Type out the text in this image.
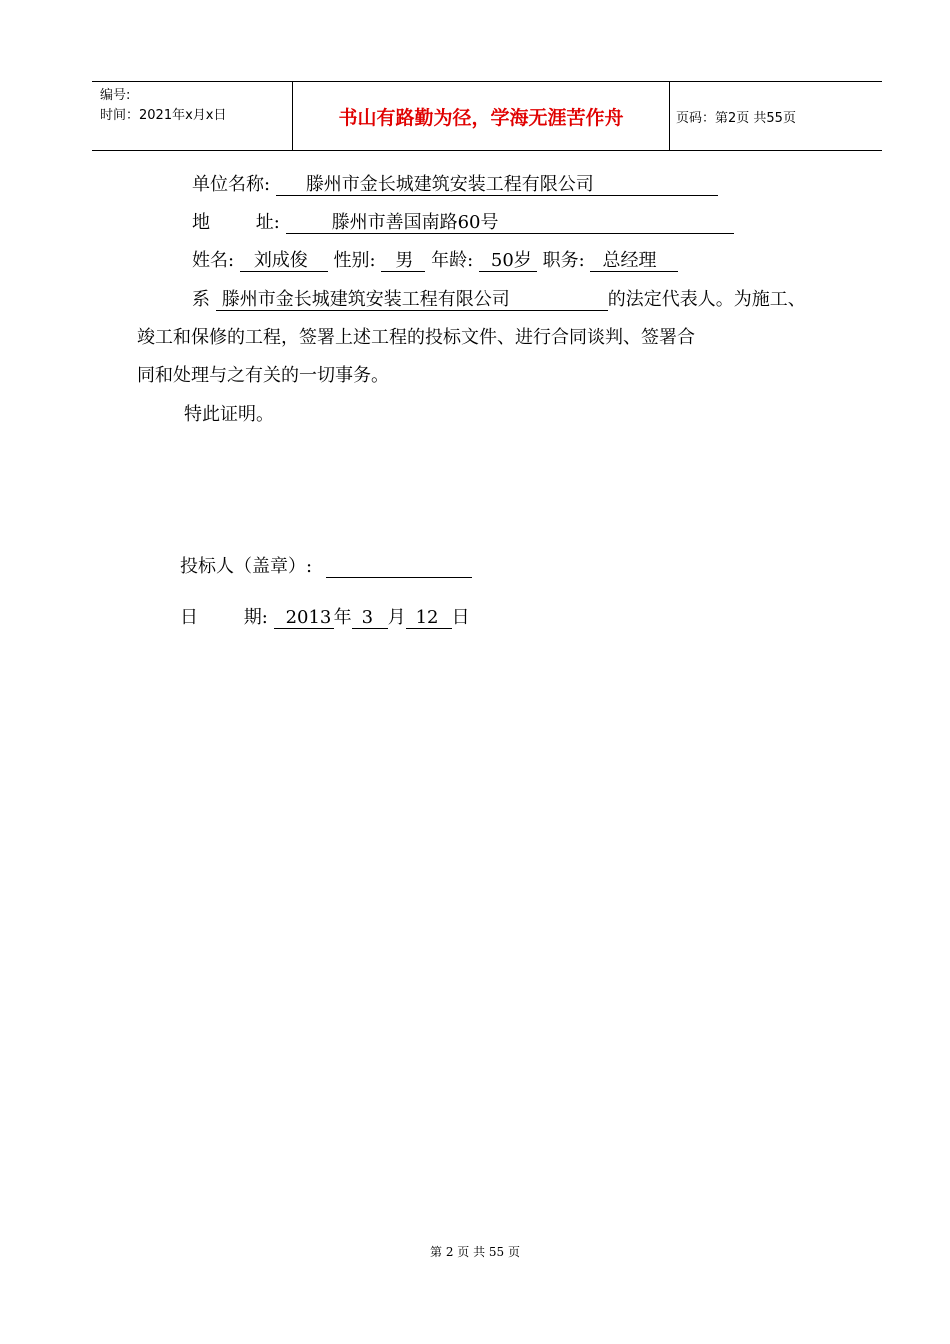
编号:
时间：2021年x月x日	书山有路勤为径，学海无涯苦作舟	页码：第2页 共55页
单位名称: 滕州市金长城建筑安装工程有限公司
地        址:	滕州市善国南路60号
姓名: 刘成俊 性别: 男 年龄: 50岁 职务: 总经理
系 滕州市金长城建筑安装工程有限公司	的法定代表人。为施工、
竣工和保修的工程，签署上述工程的投标文件、进行合同谈判、签署合
同和处理与之有关的一切事务。
特此证明。
投标人（盖章）:
日        期: 2013 年 3 月 12 日
第 2 页 共 55 页
